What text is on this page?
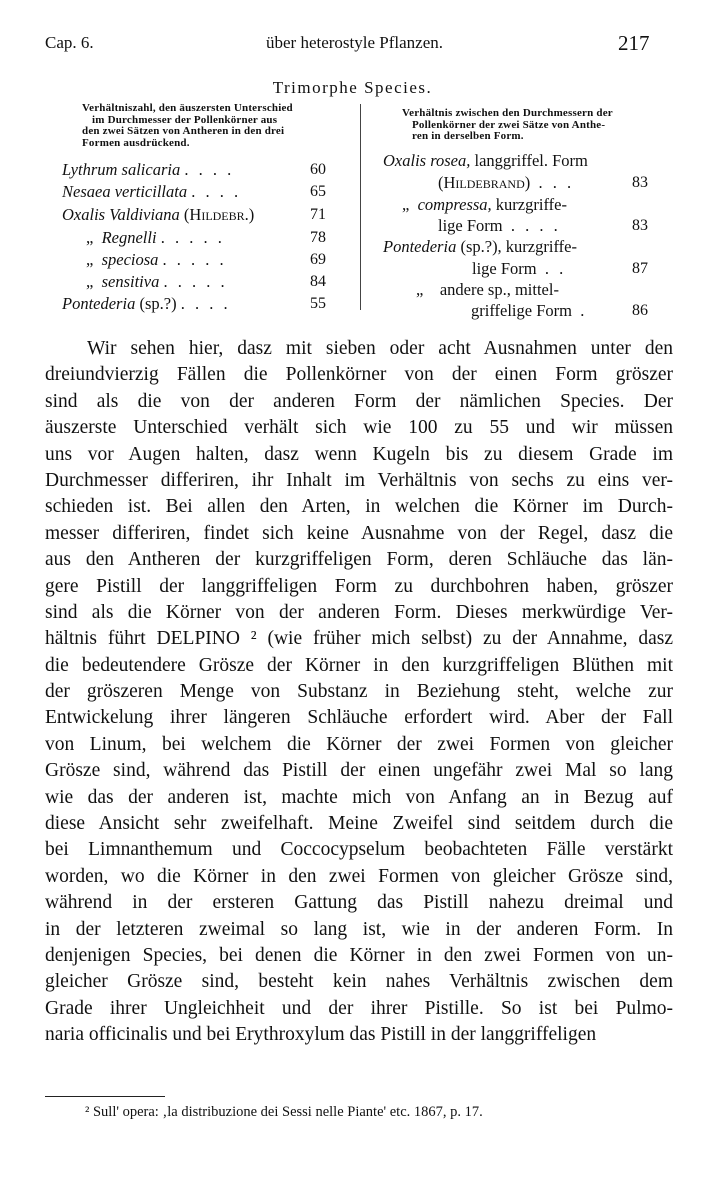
Cap. 6.	über heterostyle Pflanzen.	217
Trimorphe Species.
Verhältniszahl, den äuszersten Unterschied
im Durchmesser der Pollenkörner aus
den zwei Sätzen von Antheren in den drei
Formen ausdrückend.
Lythrum salicaria . . . .	60
Nesaea verticillata . . . .	65
Oxalis Valdiviana (Hildebr.)	71
„ Regnelli . . . . .	78
„ speciosa . . . . .	69
„ sensitiva . . . . .	84
Pontederia (sp.?) . . . .	55
Verhältnis zwischen den Durchmessern der
Pollenkörner der zwei Sätze von Anthe-
ren in derselben Form.
Oxalis rosea, langgriffel. Form
(Hildebrand) . . .	83
„ compressa, kurzgriffe-
lige Form . . . .	83
Pontederia (sp.?), kurzgriffe-
lige Form . .	87
„ andere sp., mittel-
griffelige Form .	86
Wir sehen hier, dasz mit sieben oder acht Ausnahmen unter den
dreiundvierzig Fällen die Pollenkörner von der einen Form gröszer
sind als die von der anderen Form der nämlichen Species. Der
äuszerste Unterschied verhält sich wie 100 zu 55 und wir müssen
uns vor Augen halten, dasz wenn Kugeln bis zu diesem Grade im
Durchmesser differiren, ihr Inhalt im Verhältnis von sechs zu eins ver-
schieden ist. Bei allen den Arten, in welchen die Körner im Durch-
messer differiren, findet sich keine Ausnahme von der Regel, dasz die
aus den Antheren der kurzgriffeligen Form, deren Schläuche das län-
gere Pistill der langgriffeligen Form zu durchbohren haben, gröszer
sind als die Körner von der anderen Form. Dieses merkwürdige Ver-
hältnis führt DELPINO ² (wie früher mich selbst) zu der Annahme, dasz
die bedeutendere Grösze der Körner in den kurzgriffeligen Blüthen mit
der gröszeren Menge von Substanz in Beziehung steht, welche zur
Entwickelung ihrer längeren Schläuche erfordert wird. Aber der Fall
von Linum, bei welchem die Körner der zwei Formen von gleicher
Grösze sind, während das Pistill der einen ungefähr zwei Mal so lang
wie das der anderen ist, machte mich von Anfang an in Bezug auf
diese Ansicht sehr zweifelhaft. Meine Zweifel sind seitdem durch die
bei Limnanthemum und Coccocypselum beobachteten Fälle verstärkt
worden, wo die Körner in den zwei Formen von gleicher Grösze sind,
während in der ersteren Gattung das Pistill nahezu dreimal und
in der letzteren zweimal so lang ist, wie in der anderen Form. In
denjenigen Species, bei denen die Körner in den zwei Formen von un-
gleicher Grösze sind, besteht kein nahes Verhältnis zwischen dem
Grade ihrer Ungleichheit und der ihrer Pistille. So ist bei Pulmo-
naria officinalis und bei Erythroxylum das Pistill in der langgriffeligen
² Sull' opera: ‚la distribuzione dei Sessi nelle Piante' etc. 1867, p. 17.
